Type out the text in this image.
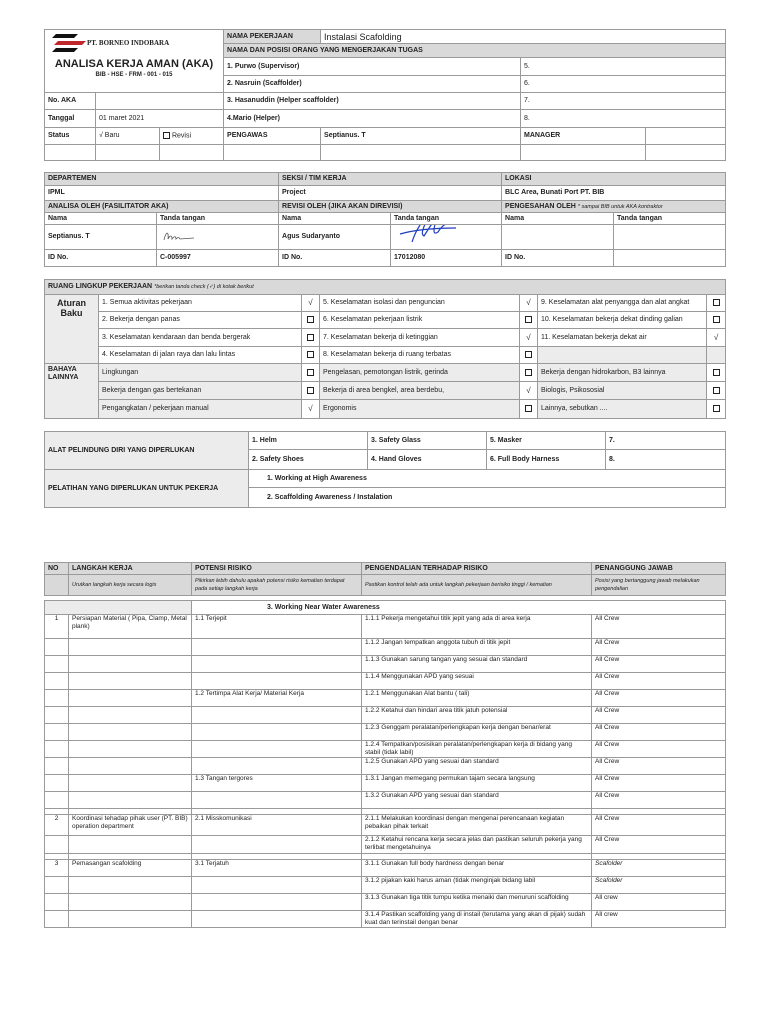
PT. BORNEO INDOBARA			NAMA PEKERJAAN	Instalasi Scafolding		
			NAMA DAN POSISI ORANG YANG MENGERJAKAN TUGAS			

ANALISA KERJA AMAN (AKA)
BIB - HSE - FRM - 001 - 015			1. Purwo (Supervisor)		5.	
			2. Nasruin (Scaffolder)		6.	
No. AKA			3. Hasanuddin (Helper scaffolder)		7.	
Tanggal	01 maret 2021		4.Mario (Helper)		8.	
Status	√ Baru	Revisi	PENGAWAS	Septianus. T	MANAGER	

DEPARTEMEN		SEKSI / TIM KERJA		LOKASI	
IPML		Project		BLC Area, Bunati Port PT. BIB	
ANALISA OLEH (FASILITATOR AKA)		REVISI OLEH (JIKA AKAN DIREVISI)		PENGESAHAN OLEH * sampai BIB untuk AKA kontraktor	
Nama	Tanda tangan	Nama	Tanda tangan	Nama	Tanda tangan
Septianus. T		Agus Sudaryanto			
ID No.	C-005997	ID No.	17012080	ID No.	
RUANG LINGKUP PEKERJAAN *berikan tanda check (✓) di kotak berikut						
Aturan Baku	1. Semua aktivitas pekerjaan	√	5. Keselamatan isolasi dan penguncian	√	9. Keselamatan alat penyangga dan alat angkat	
	2. Bekerja dengan panas		6. Keselamatan pekerjaan listrik		10. Keselamatan bekerja dekat dinding galian	
	3. Keselamatan kendaraan dan benda bergerak		7. Keselamatan bekerja di ketinggian	√	11. Keselamatan bekerja dekat air	√
	4. Keselamatan di jalan raya dan lalu lintas		8. Keselamatan bekerja di ruang terbatas			
BAHAYA LAINNYA	Lingkungan		Pengelasan, pemotongan listrik, gerinda		Bekerja dengan hidrokarbon, B3 lainnya	
	Bekerja dengan gas bertekanan		Bekerja di area bengkel, area berdebu,	√	Biologis, Psikososial	
	Pengangkatan / pekerjaan manual	√	Ergonomis		Lainnya, sebutkan ....	
ALAT PELINDUNG DIRI YANG DIPERLUKAN	1. Helm	3. Safety Glass	5. Masker	7.
	2. Safety Shoes	4. Hand Gloves	6. Full Body Harness	8.
PELATIHAN YANG DIPERLUKAN UNTUK PEKERJA	1. Working at High Awareness			
	2. Scaffolding Awareness / Instalation			
NO	LANGKAH KERJA	POTENSI RISIKO	PENGENDALIAN TERHADAP RISIKO	PENANGGUNG JAWAB
	Urutkan langkah kerja secara logis	Pikirkan lebih dahulu apakah potensi risiko kematian terdapat pada setiap langkah kerja	Pastikan kontrol telah ada untuk langkah pekerjaan berisiko tinggi / kematian	Posisi yang bertanggung jawab melakukan pengendalian

		3. Working Near Water Awareness		
1	Persiapan Material ( Pipa, Clamp, Metal plank)	1.1 Terjepit	1.1.1 Pekerja mengetahui titik jepit yang ada di area kerja	All Crew
			1.1.2 Jangan tempatkan anggota tubuh di titik jepit	All Crew
			1.1.3 Gunakan sarung tangan yang sesuai dan standard	All Crew
			1.1.4 Menggunakan APD yang sesuai	All Crew
		1.2 Tertimpa Alat Kerja/ Material Kerja	1.2.1 Menggunakan Alat bantu ( tali)	All Crew
			1.2.2 Ketahui dan hindari area titik jatuh potensial	All Crew
			1.2.3 Genggam peralatan/perlengkapan kerja dengan benar/erat	All Crew
			1.2.4 Tempatkan/posisikan peralatan/perlengkapan kerja di bidang yang stabil (tidak labil)	All Crew
			1.2.5 Gunakan APD yang sesuai dan standard	All Crew
		1.3 Tangan tergores	1.3.1 Jangan memegang permukan tajam secara langsung	All Crew
			1.3.2 Gunakan APD yang sesuai dan standard	All Crew

2	Koordinasi tehadap pihak user (PT. BIB) operation department	2.1 Misskomunikasi	2.1.1 Melakukan koordinasi dengan mengenai perencanaan kegiatan pebaikan pihak terkait	All Crew
			2.1.2 Ketahui rencana kerja secara jelas dan pastikan seluruh pekerja yang terlibat mengetahuinya	All Crew

3	Pemasangan scafolding	3.1 Terjatuh	3.1.1 Gunakan full body hardness dengan benar	Scafolder
			3.1.2 pijakan kaki harus aman (tidak menginjak bidang labil	Scafolder
			3.1.3 Gunakan tiga titik tumpu ketika menaiki dan menuruni scaffolding	All crew
			3.1.4 Pastikan scaffolding yang di instail (terutama yang akan di pijak) sudah kuat dan terinstail dengan benar	All crew
